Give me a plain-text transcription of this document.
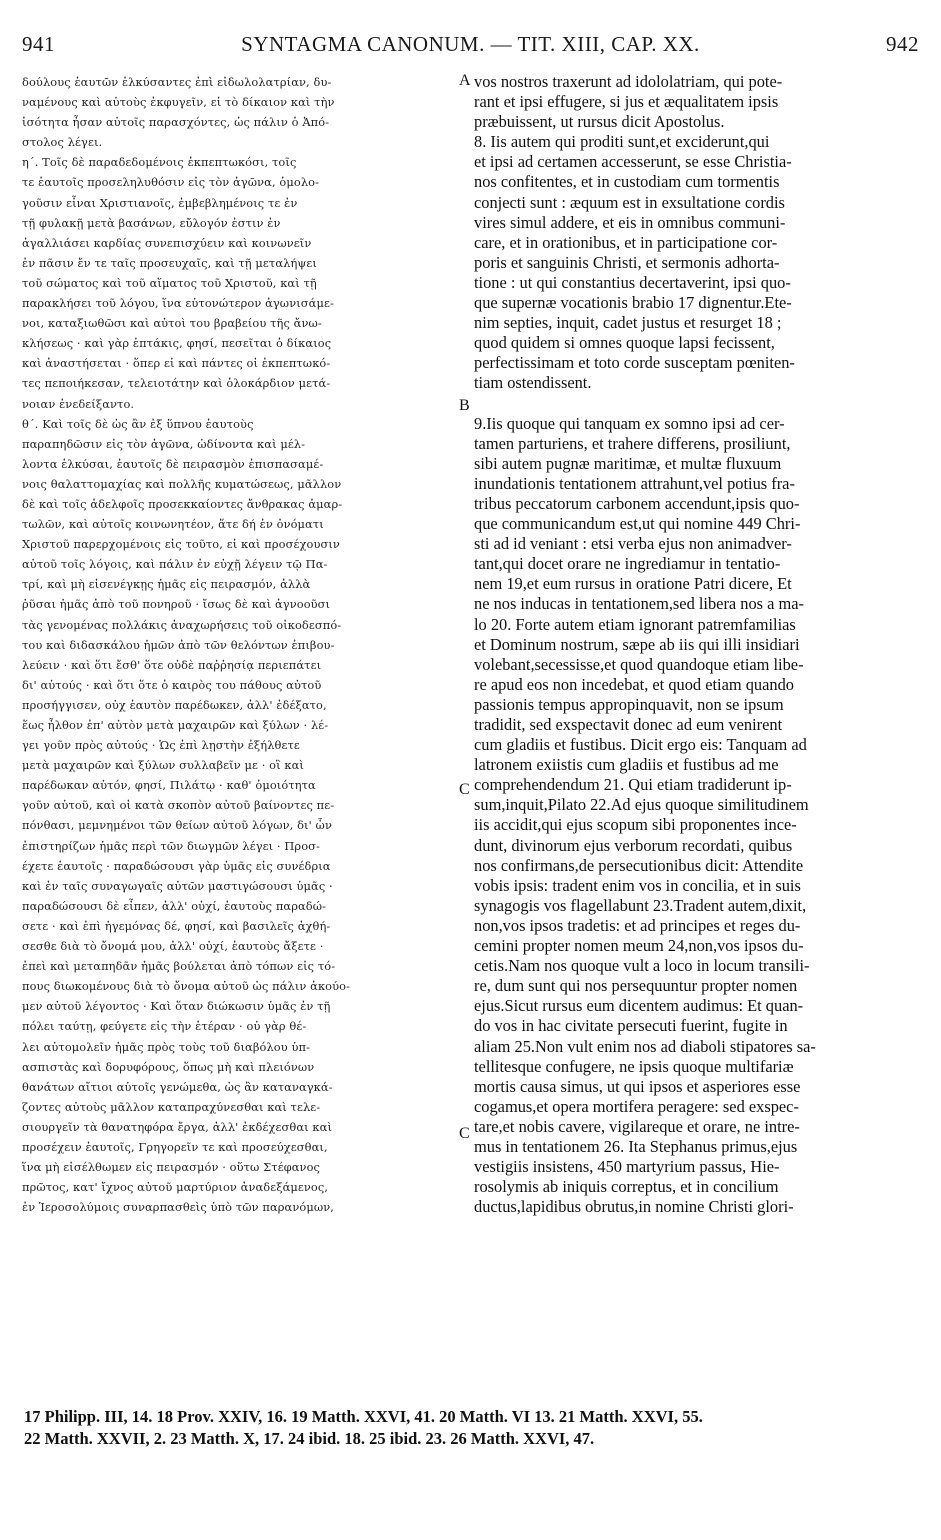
941	SYNTAGMA CANONUM. — TIT. XIII, CAP. XX.	942
δούλους ἑαυτῶν ἑλκύσαντες ἐπὶ εἰδωλολατρίαν, δυ-
ναμένους καὶ αὐτοὺς ἐκφυγεῖν, εἰ τὸ δίκαιον καὶ τὴν
ἰσότητα ἦσαν αὐτοῖς παρασχόντες, ὡς πάλιν ὁ Ἀπό-
στολος λέγει.
η΄. Τοῖς δὲ παραδεδομένοις ἐκπεπτωκόσι, τοῖς
τε ἑαυτοῖς προσεληλυθόσιν εἰς τὸν ἀγῶνα, ὁμολο-
γοῦσιν εἶναι Χριστιανοῖς, ἐμβεβλημένοις τε ἐν
τῇ φυλακῇ μετὰ βασάνων, εὔλογόν ἐστιν ἐν
ἀγαλλιάσει καρδίας συνεπισχύειν καὶ κοινωνεῖν
ἐν πᾶσιν ἔν τε ταῖς προσευχαῖς, καὶ τῇ μεταλήψει
τοῦ σώματος καὶ τοῦ αἵματος τοῦ Χριστοῦ, καὶ τῇ
παρακλήσει τοῦ λόγου, ἵνα εὐτονώτερον ἀγωνισάμε-
νοι, καταξιωθῶσι καὶ αὐτοὶ του βραβείου τῆς ἄνω-
κλήσεως · καὶ γὰρ ἑπτάκις, φησί, πεσεῖται ὁ δίκαιος
καὶ ἀναστήσεται · ὅπερ εἰ καὶ πάντες οἱ ἐκπεπτωκό-
τες πεποιήκεσαν, τελειοτάτην καὶ ὁλοκάρδιον μετά-
νοιαν ἐνεδείξαντο.
θ΄. Καὶ τοῖς δὲ ὡς ἂν ἐξ ὕπνου ἑαυτοὺς
παραπηδῶσιν εἰς τὸν ἀγῶνα, ὠδίνοντα καὶ μέλ-
λοντα ἑλκύσαι, ἑαυτοῖς δὲ πειρασμὸν ἐπισπασαμέ-
νοις θαλαττομαχίας καὶ πολλῆς κυματώσεως, μᾶλλον
δὲ καὶ τοῖς ἀδελφοῖς προσεκκαίοντες ἄνθρακας ἁμαρ-
τωλῶν, καὶ αὐτοῖς κοινωνητέον, ἅτε δή ἐν ὀνόματι
Χριστοῦ παρερχομένοις εἰς τοῦτο, εἰ καὶ προσέχουσιν
αὐτοῦ τοῖς λόγοις, καὶ πάλιν ἐν εὐχῇ λέγειν τῷ Πα-
τρί, καὶ μὴ εἰσενέγκῃς ἡμᾶς εἰς πειρασμόν, ἀλλὰ
ῥῦσαι ἡμᾶς ἀπὸ τοῦ πονηροῦ · ἴσως δὲ καὶ ἀγνοοῦσι
τὰς γενομένας πολλάκις ἀναχωρήσεις τοῦ οἰκοδεσπό-
του καὶ διδασκάλου ἡμῶν ἀπὸ τῶν θελόντων ἐπιβου-
λεύειν · καὶ ὅτι ἔσθ' ὅτε οὐδὲ παῤῥησίᾳ περιεπάτει
δι' αὐτούς · καὶ ὅτι ὅτε ὁ καιρὸς του πάθους αὐτοῦ
προσήγγισεν, οὐχ ἑαυτὸν παρέδωκεν, ἀλλ' ἐδέξατο,
ἕως ἦλθον ἐπ' αὐτὸν μετὰ μαχαιρῶν καὶ ξύλων · λέ-
γει γοῦν πρὸς αὐτούς · Ὡς ἐπὶ λῃστὴν ἐξήλθετε
μετὰ μαχαιρῶν καὶ ξύλων συλλαβεῖν με · οἳ καὶ
παρέδωκαν αὐτόν, φησί, Πιλάτῳ · καθ' ὁμοιότητα
γοῦν αὐτοῦ, καὶ οἱ κατὰ σκοπὸν αὐτοῦ βαίνοντες πε-
πόνθασι, μεμνημένοι τῶν θείων αὐτοῦ λόγων, δι' ὧν
ἐπιστηρίζων ἡμᾶς περὶ τῶν διωγμῶν λέγει · Προσ-
έχετε ἑαυτοῖς · παραδώσουσι γὰρ ὑμᾶς εἰς συνέδρια
καὶ ἐν ταῖς συναγωγαῖς αὐτῶν μαστιγώσουσι ὑμᾶς ·
παραδώσουσι δὲ εἶπεν, ἀλλ' οὐχί, ἑαυτοὺς παραδώ-
σετε · καὶ ἐπὶ ἡγεμόνας δέ, φησί, καὶ βασιλεῖς ἀχθή-
σεσθε διὰ τὸ ὄνομά μου, ἀλλ' οὐχί, ἑαυτοὺς ἄξετε ·
ἐπεὶ καὶ μεταπηδᾶν ἡμᾶς βούλεται ἀπὸ τόπων εἰς τό-
πους διωκομένους διὰ τὸ ὄνομα αὐτοῦ ὡς πάλιν ἀκούο-
μεν αὐτοῦ λέγοντος · Καὶ ὅταν διώκωσιν ὑμᾶς ἐν τῇ
πόλει ταύτῃ, φεύγετε εἰς τὴν ἑτέραν · οὐ γὰρ θέ-
λει αὐτομολεῖν ἡμᾶς πρὸς τοὺς τοῦ διαβόλου ὑπ-
ασπιστὰς καὶ δορυφόρους, ὅπως μὴ καὶ πλειόνων
θανάτων αἴτιοι αὐτοῖς γενώμεθα, ὡς ἂν καταναγκά-
ζοντες αὐτοὺς μᾶλλον καταπραχύνεσθαι καὶ τελε-
σιουργεῖν τὰ θανατηφόρα ἔργα, ἀλλ' ἐκδέχεσθαι καὶ
προσέχειν ἑαυτοῖς, Γρηγορεῖν τε καὶ προσεύχεσθαι,
ἵνα μὴ εἰσέλθωμεν εἰς πειρασμόν · οὕτω Στέφανος
πρῶτος, κατ' ἴχνος αὐτοῦ μαρτύριον ἀναδεξάμενος,
ἐν Ἱεροσολύμοις συναρπασθεὶς ὑπὸ τῶν παρανόμων,
vos nostros traxerunt ad idololatriam, qui pote-
rant et ipsi effugere, si jus et æqualitatem ipsis
præbuissent, ut rursus dicit Apostolus.
8. Iis autem qui proditi sunt,et exciderunt,qui
et ipsi ad certamen accesserunt, se esse Christia-
nos confitentes, et in custodiam cum tormentis
conjecti sunt : æquum est in exsultatione cordis
vires simul addere, et eis in omnibus communi-
care, et in orationibus, et in participatione cor-
poris et sanguinis Christi, et sermonis adhorta-
tione : ut qui constantius decertaverint, ipsi quo-
que supernæ vocationis brabio 17 dignentur.Ete-
nim septies, inquit, cadet justus et resurget 18 ;
quod quidem si omnes quoque lapsi fecissent,
perfectissimam et toto corde susceptam pœniten-
tiam ostendissent.
9.Iis quoque qui tanquam ex somno ipsi ad cer-
tamen parturiens, et trahere differens, prosiliunt,
sibi autem pugnæ maritimæ, et multæ fluxuum
inundationis tentationem attrahunt,vel potius fra-
tribus peccatorum carbonem accendunt,ipsis quo-
que communicandum est,ut qui nomine 449 Chri-
sti ad id veniant : etsi verba ejus non animadver-
tant,qui docet orare ne ingrediamur in tentatio-
nem 19,et eum rursus in oratione Patri dicere, Et
ne nos inducas in tentationem,sed libera nos a ma-
lo 20. Forte autem etiam ignorant patremfamilias
et Dominum nostrum, sæpe ab iis qui illi insidiari
volebant,secessisse,et quod quandoque etiam libe-
re apud eos non incedebat, et quod etiam quando
passionis tempus appropinquavit, non se ipsum
tradidit, sed exspectavit donec ad eum venirent
cum gladiis et fustibus. Dicit ergo eis: Tanquam ad
latronem exiistis cum gladiis et fustibus ad me
comprehendendum 21. Qui etiam tradiderunt ip-
sum,inquit,Pilato 22.Ad ejus quoque similitudinem
iis accidit,qui ejus scopum sibi proponentes ince-
dunt, divinorum ejus verborum recordati, quibus
nos confirmans,de persecutionibus dicit: Attendite
vobis ipsis: tradent enim vos in concilia, et in suis
synagogis vos flagellabunt 23.Tradent autem,dixit,
non,vos ipsos tradetis: et ad principes et reges du-
cemini propter nomen meum 24,non,vos ipsos du-
cetis.Nam nos quoque vult a loco in locum transili-
re, dum sunt qui nos persequuntur propter nomen
ejus.Sicut rursus eum dicentem audimus: Et quan-
do vos in hac civitate persecuti fuerint, fugite in
aliam 25.Non vult enim nos ad diaboli stipatores sa-
tellitesque confugere, ne ipsis quoque multifariæ
mortis causa simus, ut qui ipsos et asperiores esse
cogamus,et opera mortifera peragere: sed exspec-
tare,et nobis cavere, vigilareque et orare, ne intre-
mus in tentationem 26. Ita Stephanus primus,ejus
vestigiis insistens, 450 martyrium passus, Hie-
rosolymis ab iniquis correptus, et in concilium
ductus,lapidibus obrutus,in nomine Christi glori-
A
B
C
C
17 Philipp. III, 14. 18 Prov. XXIV, 16. 19 Matth. XXVI, 41. 20 Matth. VI 13. 21 Matth. XXVI, 55.
22 Matth. XXVII, 2. 23 Matth. X, 17. 24 ibid. 18. 25 ibid. 23. 26 Matth. XXVI, 47.
